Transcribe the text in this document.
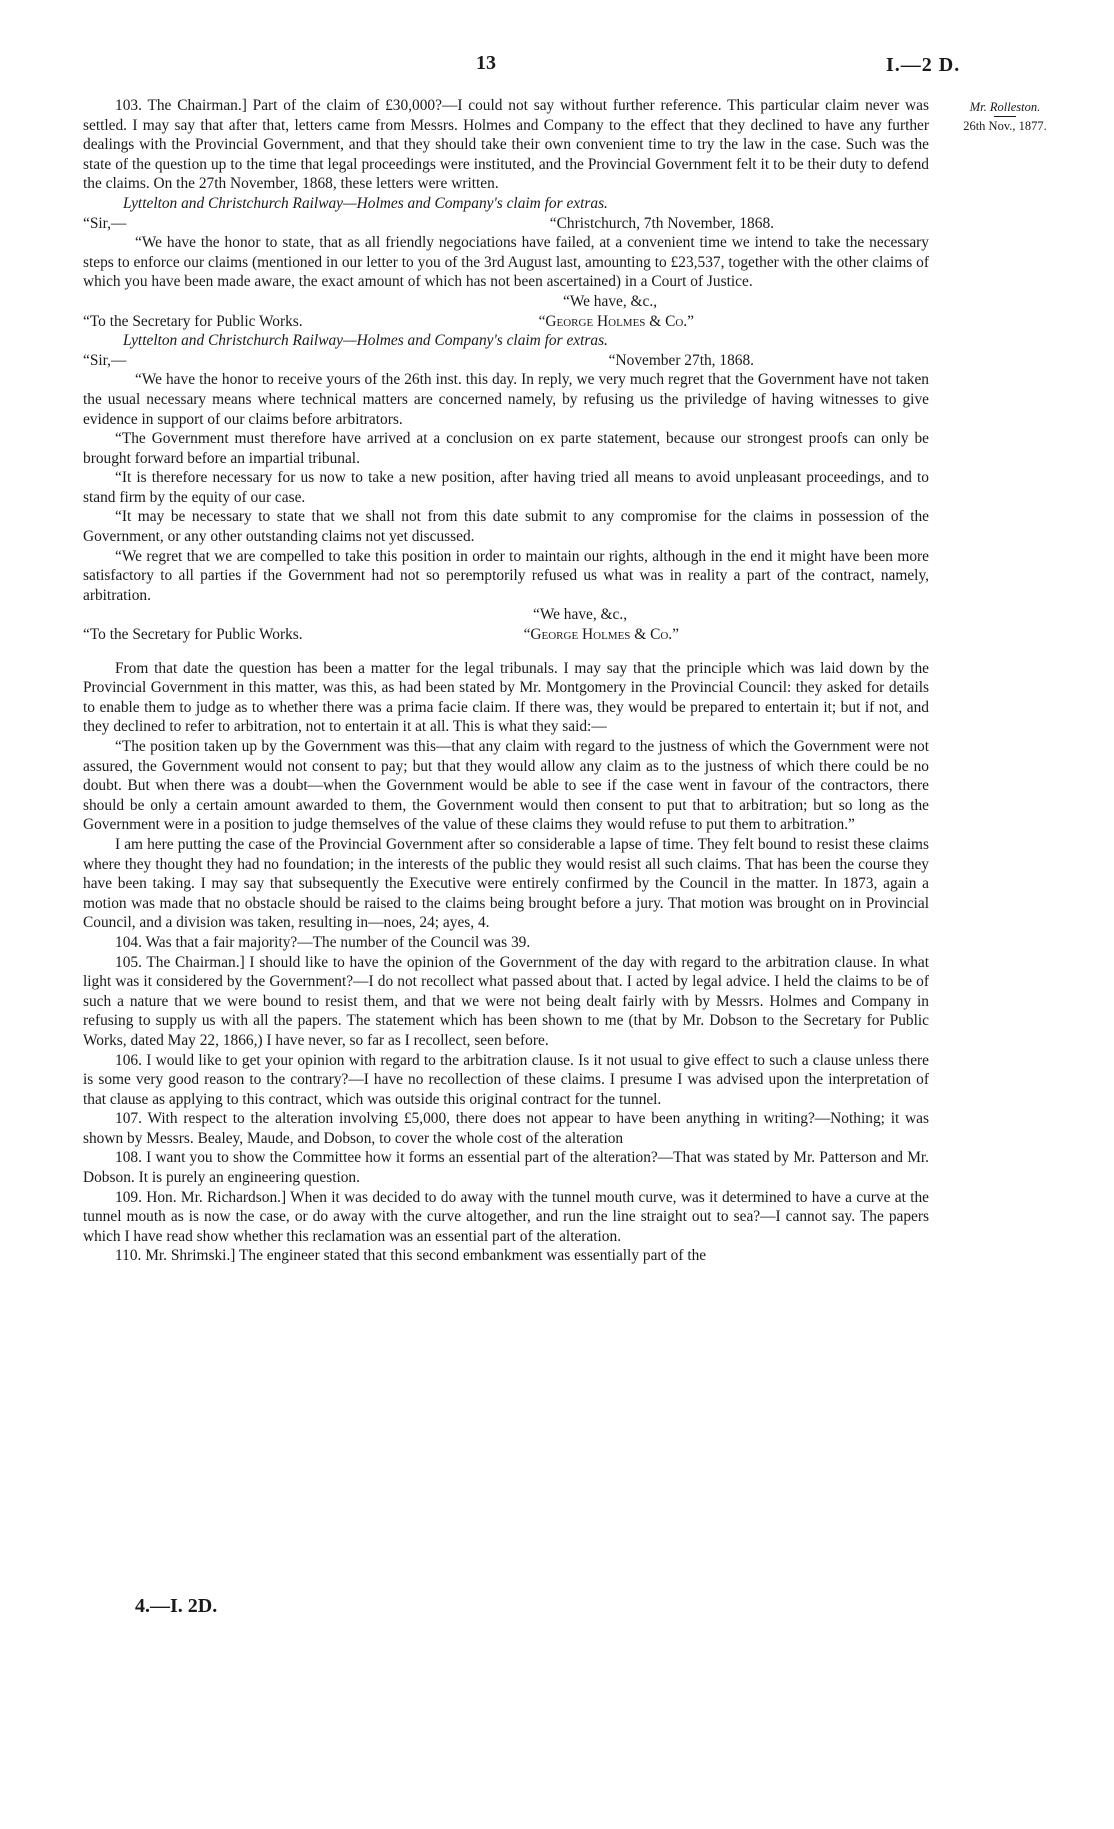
13	I.—2 D.
Mr. Rolleston.
26th Nov., 1877.

103. The Chairman.] Part of the claim of £30,000?—I could not say without further reference. This particular claim never was settled. I may say that after that, letters came from Messrs. Holmes and Company to the effect that they declined to have any further dealings with the Provincial Government, and that they should take their own convenient time to try the law in the case. Such was the state of the question up to the time that legal proceedings were instituted, and the Provincial Government felt it to be their duty to defend the claims. On the 27th November, 1868, these letters were written.

Lyttelton and Christchurch Railway—Holmes and Company's claim for extras.

“Sir,—	“Christchurch, 7th November, 1868.

“We have the honor to state, that as all friendly negociations have failed, at a convenient time we intend to take the necessary steps to enforce our claims (mentioned in our letter to you of the 3rd August last, amounting to £23,537, together with the other claims of which you have been made aware, the exact amount of which has not been ascertained) in a Court of Justice.

“We have, &c.,

“To the Secretary for Public Works.	“George Holmes & Co.”

Lyttelton and Christchurch Railway—Holmes and Company's claim for extras.

“Sir,—	“November 27th, 1868.

“We have the honor to receive yours of the 26th inst. this day. In reply, we very much regret that the Government have not taken the usual necessary means where technical matters are concerned namely, by refusing us the priviledge of having witnesses to give evidence in support of our claims before arbitrators.

“The Government must therefore have arrived at a conclusion on ex parte statement, because our strongest proofs can only be brought forward before an impartial tribunal.

“It is therefore necessary for us now to take a new position, after having tried all means to avoid unpleasant proceedings, and to stand firm by the equity of our case.

“It may be necessary to state that we shall not from this date submit to any compromise for the claims in possession of the Government, or any other outstanding claims not yet discussed.

“We regret that we are compelled to take this position in order to maintain our rights, although in the end it might have been more satisfactory to all parties if the Government had not so peremptorily refused us what was in reality a part of the contract, namely, arbitration.

“We have, &c.,

“To the Secretary for Public Works.	“George Holmes & Co.”

From that date the question has been a matter for the legal tribunals. I may say that the principle which was laid down by the Provincial Government in this matter, was this, as had been stated by Mr. Montgomery in the Provincial Council: they asked for details to enable them to judge as to whether there was a prima facie claim. If there was, they would be prepared to entertain it; but if not, and they declined to refer to arbitration, not to entertain it at all. This is what they said:—

“The position taken up by the Government was this—that any claim with regard to the justness of which the Government were not assured, the Government would not consent to pay; but that they would allow any claim as to the justness of which there could be no doubt. But when there was a doubt—when the Government would be able to see if the case went in favour of the contractors, there should be only a certain amount awarded to them, the Government would then consent to put that to arbitration; but so long as the Government were in a position to judge themselves of the value of these claims they would refuse to put them to arbitration.”

I am here putting the case of the Provincial Government after so considerable a lapse of time. They felt bound to resist these claims where they thought they had no foundation; in the interests of the public they would resist all such claims. That has been the course they have been taking. I may say that subsequently the Executive were entirely confirmed by the Council in the matter. In 1873, again a motion was made that no obstacle should be raised to the claims being brought before a jury. That motion was brought on in Provincial Council, and a division was taken, resulting in—noes, 24; ayes, 4.

104. Was that a fair majority?—The number of the Council was 39.

105. The Chairman.] I should like to have the opinion of the Government of the day with regard to the arbitration clause. In what light was it considered by the Government?—I do not recollect what passed about that. I acted by legal advice. I held the claims to be of such a nature that we were bound to resist them, and that we were not being dealt fairly with by Messrs. Holmes and Company in refusing to supply us with all the papers. The statement which has been shown to me (that by Mr. Dobson to the Secretary for Public Works, dated May 22, 1866,) I have never, so far as I recollect, seen before.

106. I would like to get your opinion with regard to the arbitration clause. Is it not usual to give effect to such a clause unless there is some very good reason to the contrary?—I have no recollection of these claims. I presume I was advised upon the interpretation of that clause as applying to this contract, which was outside this original contract for the tunnel.

107. With respect to the alteration involving £5,000, there does not appear to have been anything in writing?—Nothing; it was shown by Messrs. Bealey, Maude, and Dobson, to cover the whole cost of the alteration

108. I want you to show the Committee how it forms an essential part of the alteration?—That was stated by Mr. Patterson and Mr. Dobson. It is purely an engineering question.

109. Hon. Mr. Richardson.] When it was decided to do away with the tunnel mouth curve, was it determined to have a curve at the tunnel mouth as is now the case, or do away with the curve altogether, and run the line straight out to sea?—I cannot say. The papers which I have read show whether this reclamation was an essential part of the alteration.

110. Mr. Shrimski.] The engineer stated that this second embankment was essentially part of the

4.—I. 2D.
